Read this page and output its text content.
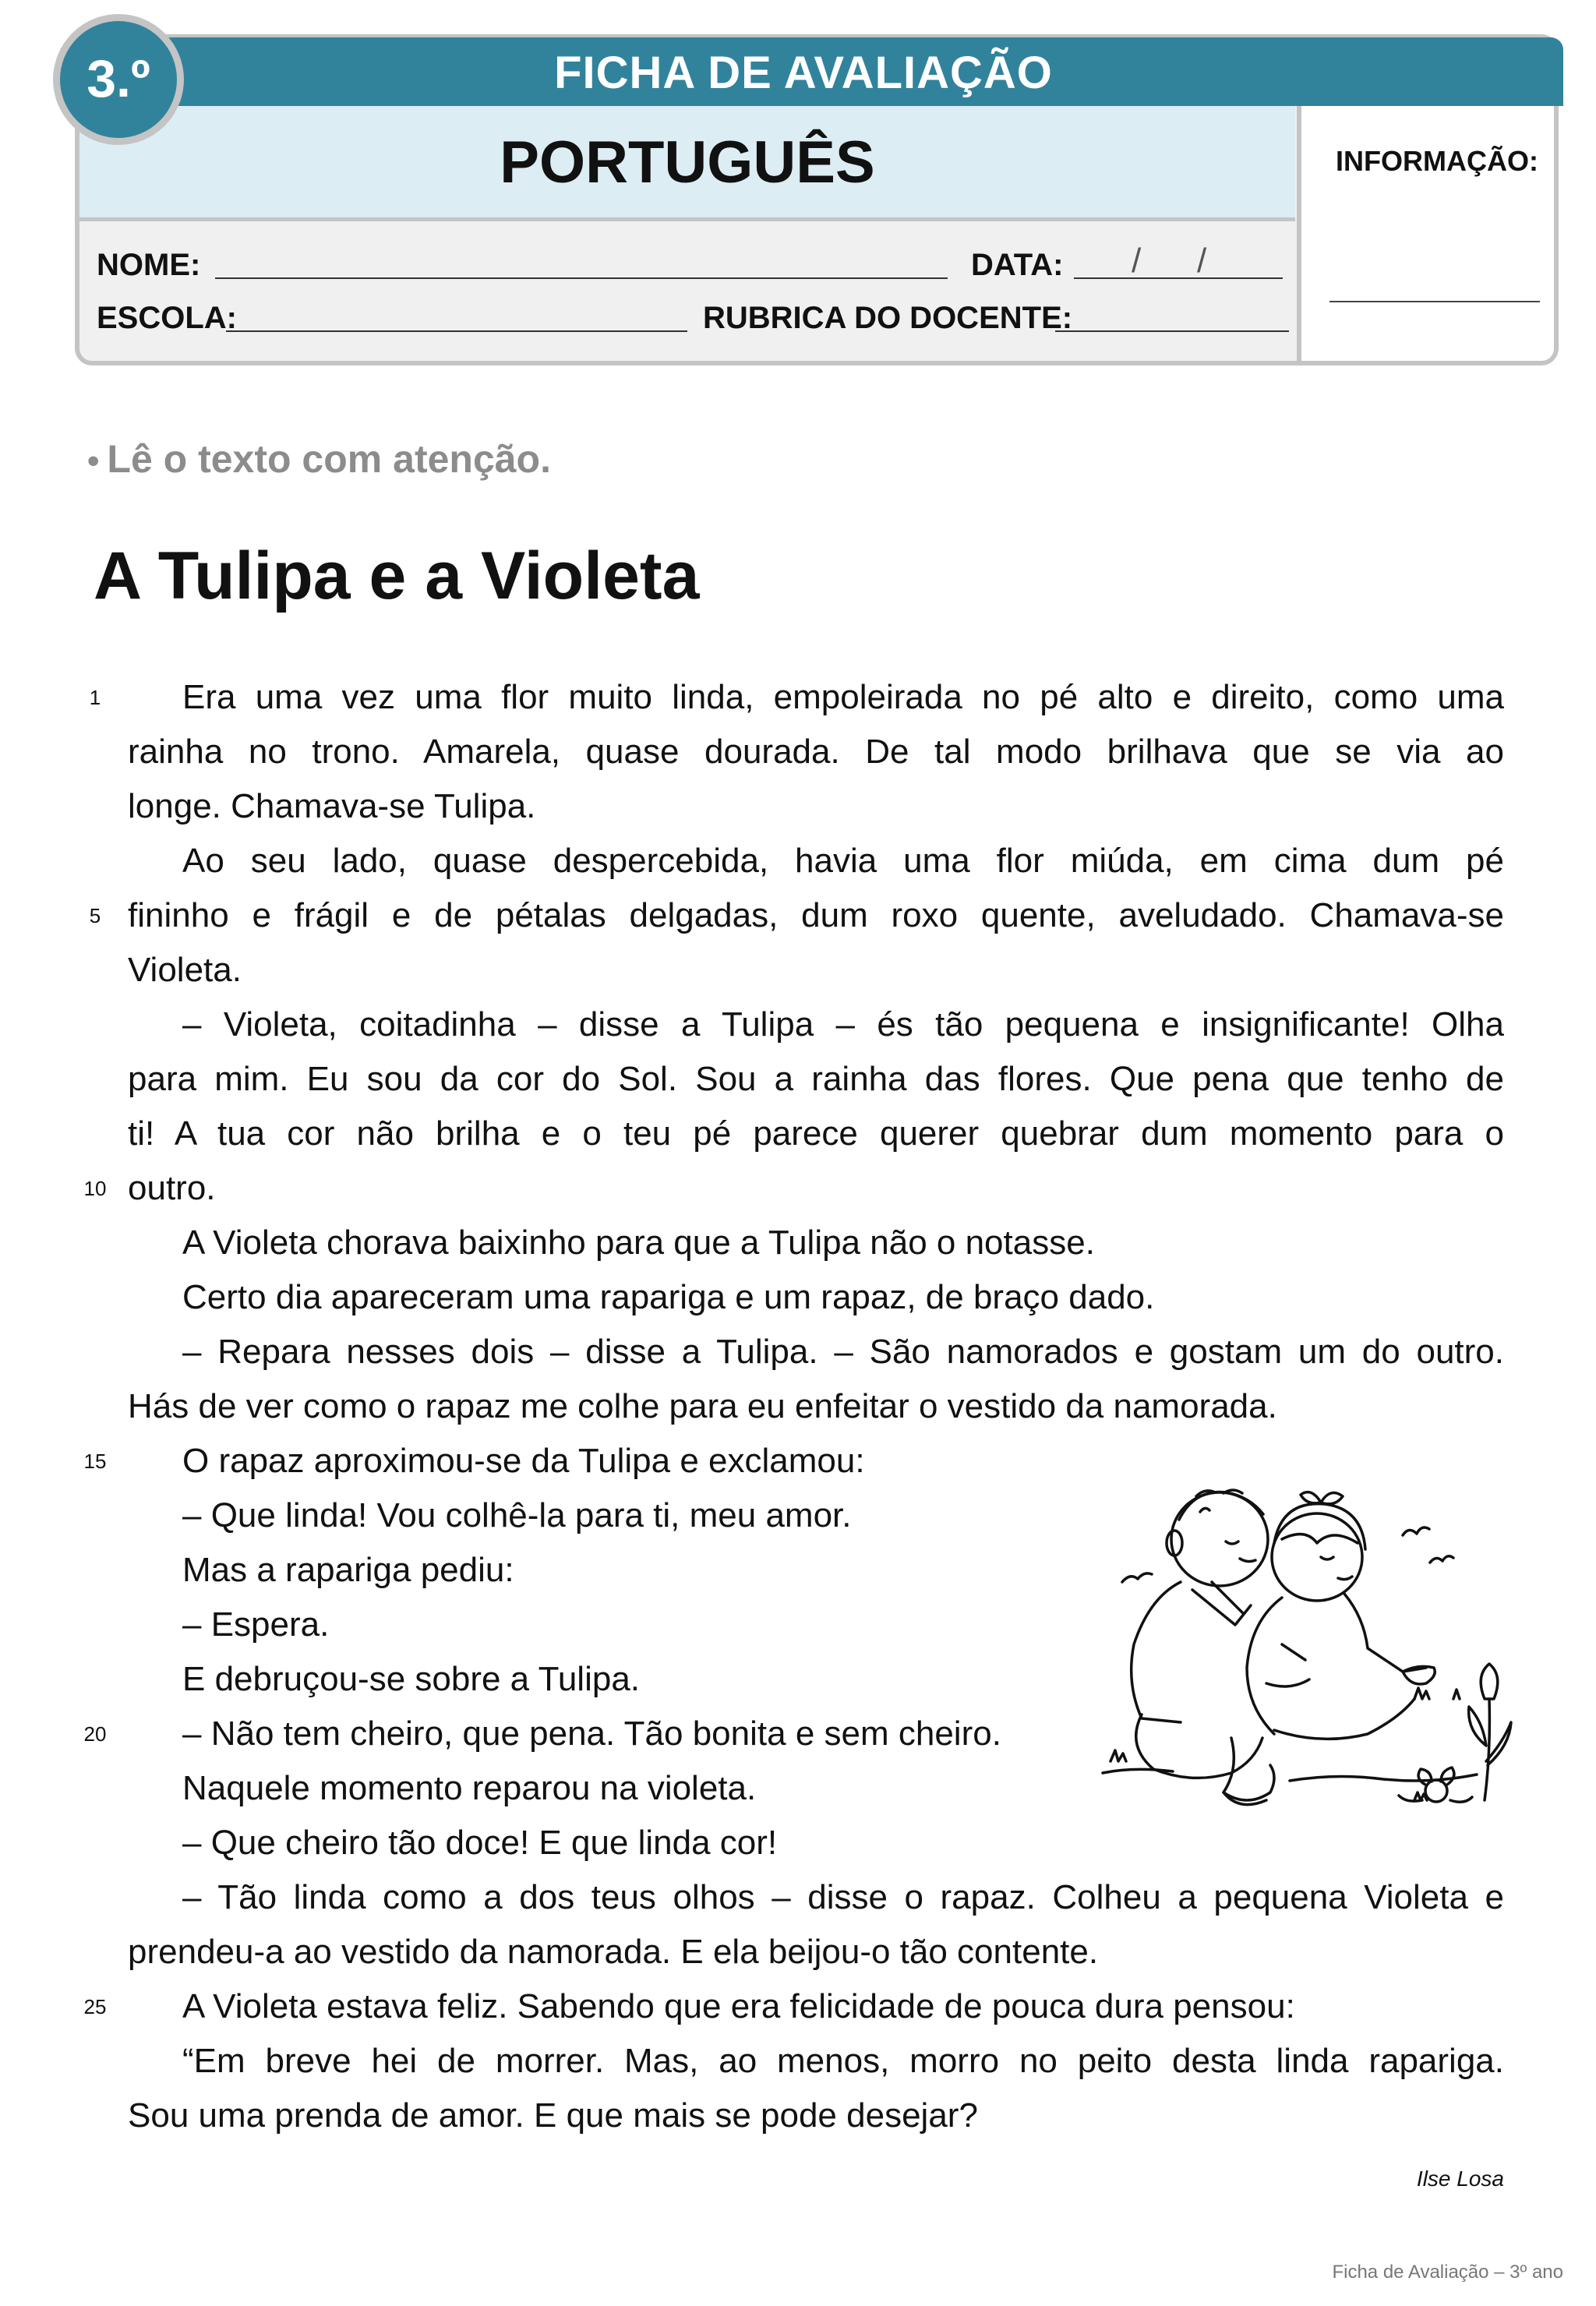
FICHA DE AVALIAÇÃO
PORTUGUÊS	INFORMAÇÃO:
3.º
NOME:	DATA: / /
ESCOLA:	RUBRICA DO DOCENTE:
• Lê o texto com atenção.
A Tulipa e a Violeta
Era uma vez uma flor muito linda, empoleirada no pé alto e direito, como uma
rainha no trono. Amarela, quase dourada. De tal modo brilhava que se via ao
longe. Chamava-se Tulipa.
Ao seu lado, quase despercebida, havia uma flor miúda, em cima dum pé
fininho e frágil e de pétalas delgadas, dum roxo quente, aveludado. Chamava-se
Violeta.
– Violeta, coitadinha – disse a Tulipa – és tão pequena e insignificante! Olha
para mim. Eu sou da cor do Sol. Sou a rainha das flores. Que pena que tenho de
ti! A tua cor não brilha e o teu pé parece querer quebrar dum momento para o
outro.
A Violeta chorava baixinho para que a Tulipa não o notasse.
Certo dia apareceram uma rapariga e um rapaz, de braço dado.
– Repara nesses dois – disse a Tulipa. – São namorados e gostam um do outro.
Hás de ver como o rapaz me colhe para eu enfeitar o vestido da namorada.
O rapaz aproximou-se da Tulipa e exclamou:
– Que linda! Vou colhê-la para ti, meu amor.
Mas a rapariga pediu:
– Espera.
E debruçou-se sobre a Tulipa.
– Não tem cheiro, que pena. Tão bonita e sem cheiro.
Naquele momento reparou na violeta.
– Que cheiro tão doce! E que linda cor!
– Tão linda como a dos teus olhos – disse o rapaz. Colheu a pequena Violeta e
prendeu-a ao vestido da namorada. E ela beijou-o tão contente.
A Violeta estava feliz. Sabendo que era felicidade de pouca dura pensou:
“Em breve hei de morrer. Mas, ao menos, morro no peito desta linda rapariga.
Sou uma prenda de amor. E que mais se pode desejar?
1
5
10
15
20
25
Ilse Losa
Ficha de Avaliação – 3º ano
